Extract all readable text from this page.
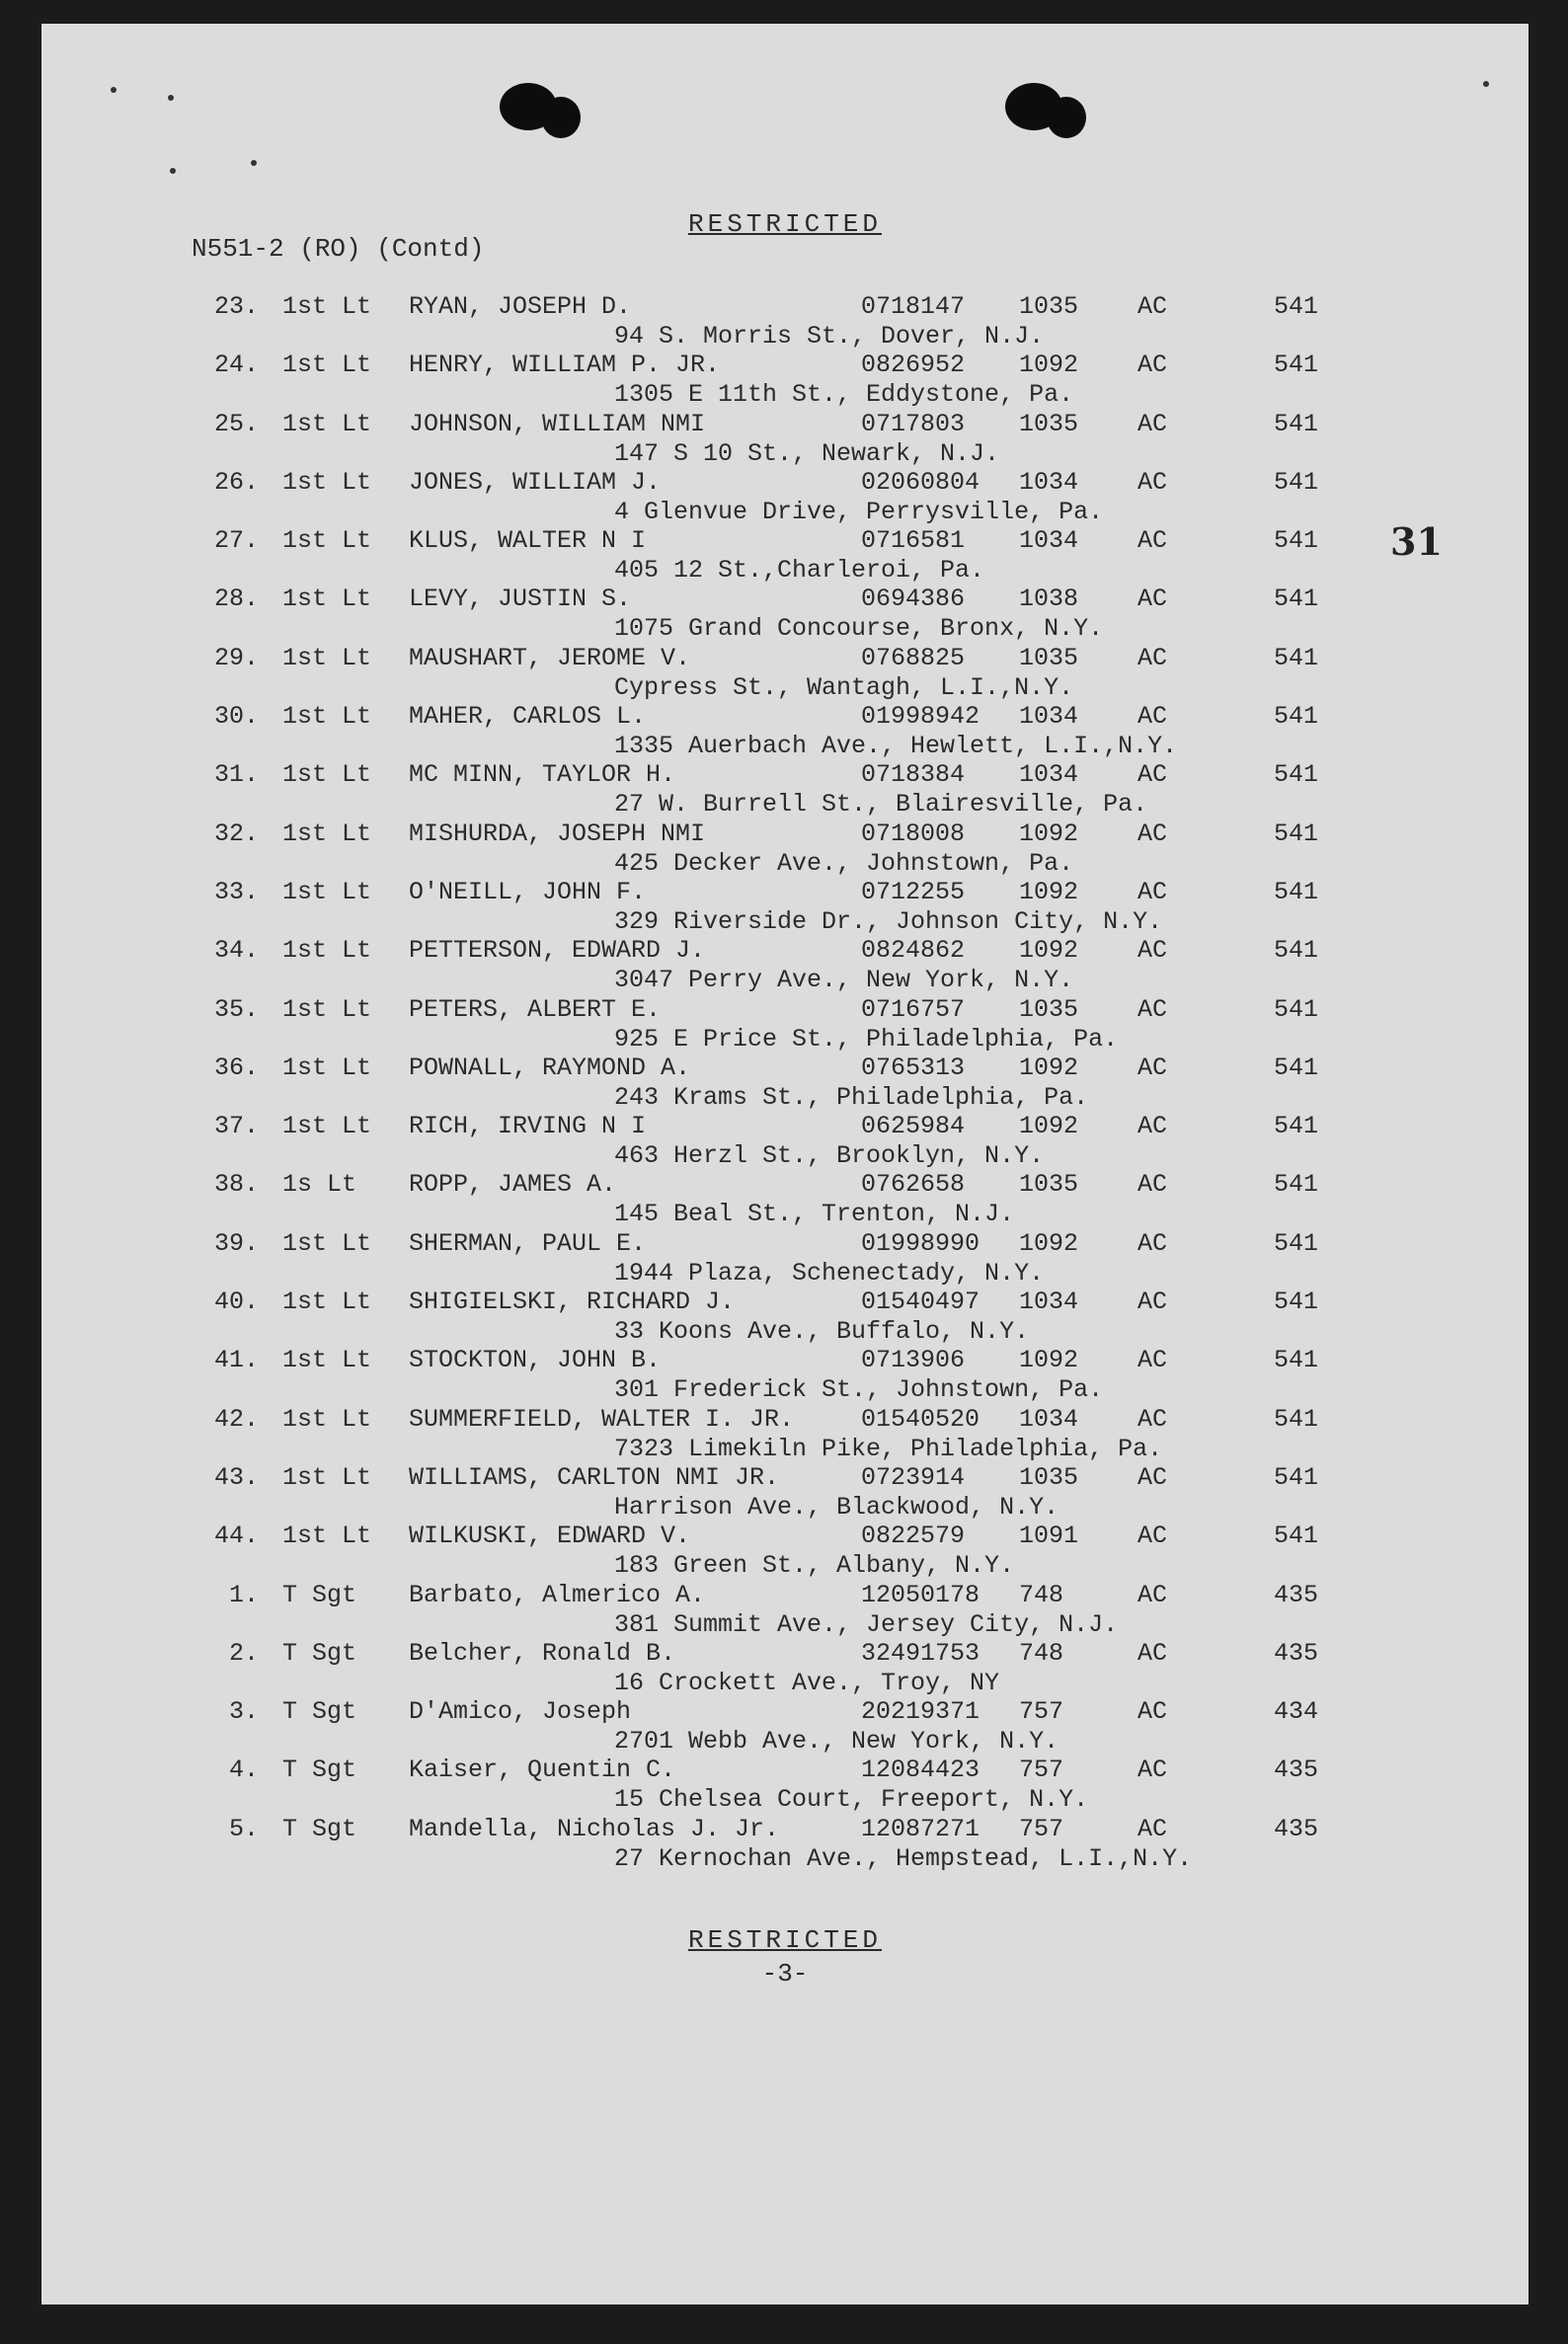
RESTRICTED
N551-2 (RO) (Contd)
31
23. 1st Lt RYAN, JOSEPH D.	0718147 1035 AC	541
94 S. Morris St., Dover, N.J.
24. 1st Lt HENRY, WILLIAM P. JR.	0826952 1092 AC	541
1305 E 11th St., Eddystone, Pa.
25. 1st Lt JOHNSON, WILLIAM NMI	0717803 1035 AC	541
147 S 10 St., Newark, N.J.
26. 1st Lt JONES, WILLIAM J.	02060804 1034 AC	541
4 Glenvue Drive, Perrysville, Pa.
27. 1st Lt KLUS, WALTER N I	0716581 1034 AC	541
405 12 St.,Charleroi, Pa.
28. 1st Lt LEVY, JUSTIN S.	0694386 1038 AC	541
1075 Grand Concourse, Bronx, N.Y.
29. 1st Lt MAUSHART, JEROME V.	0768825 1035 AC	541
Cypress St., Wantagh, L.I.,N.Y.
30. 1st Lt MAHER, CARLOS L.	01998942 1034 AC	541
1335 Auerbach Ave., Hewlett, L.I.,N.Y.
31. 1st Lt MC MINN, TAYLOR H.	0718384 1034 AC	541
27 W. Burrell St., Blairesville, Pa.
32. 1st Lt MISHURDA, JOSEPH NMI	0718008 1092 AC	541
425 Decker Ave., Johnstown, Pa.
33. 1st Lt O'NEILL, JOHN F.	0712255 1092 AC	541
329 Riverside Dr., Johnson City, N.Y.
34. 1st Lt PETTERSON, EDWARD J.	0824862 1092 AC	541
3047 Perry Ave., New York, N.Y.
35. 1st Lt PETERS, ALBERT E.	0716757 1035 AC	541
925 E Price St., Philadelphia, Pa.
36. 1st Lt POWNALL, RAYMOND A.	0765313 1092 AC	541
243 Krams St., Philadelphia, Pa.
37. 1st Lt RICH, IRVING N I	0625984 1092 AC	541
463 Herzl St., Brooklyn, N.Y.
38. 1s Lt ROPP, JAMES A.	0762658 1035 AC	541
145 Beal St., Trenton, N.J.
39. 1st Lt SHERMAN, PAUL E.	01998990 1092 AC	541
1944 Plaza, Schenectady, N.Y.
40. 1st Lt SHIGIELSKI, RICHARD J.	01540497 1034 AC	541
33 Koons Ave., Buffalo, N.Y.
41. 1st Lt STOCKTON, JOHN B.	0713906 1092 AC	541
301 Frederick St., Johnstown, Pa.
42. 1st Lt SUMMERFIELD, WALTER I. JR.	01540520 1034 AC	541
7323 Limekiln Pike, Philadelphia, Pa.
43. 1st Lt WILLIAMS, CARLTON NMI JR.	0723914 1035 AC	541
Harrison Ave., Blackwood, N.Y.
44. 1st Lt WILKUSKI, EDWARD V.	0822579 1091 AC	541
183 Green St., Albany, N.Y.
1. T Sgt Barbato, Almerico A.	12050178 748	AC	435
381 Summit Ave., Jersey City, N.J.
2. T Sgt Belcher, Ronald B.	32491753 748	AC	435
16 Crockett Ave., Troy, NY
3. T Sgt D'Amico, Joseph	20219371 757	AC	434
2701 Webb Ave., New York, N.Y.
4. T Sgt Kaiser, Quentin C.	12084423 757	AC	435
15 Chelsea Court, Freeport, N.Y.
5. T Sgt Mandella, Nicholas J. Jr.	12087271 757	AC	435
27 Kernochan Ave., Hempstead, L.I.,N.Y.
RESTRICTED
-3-
